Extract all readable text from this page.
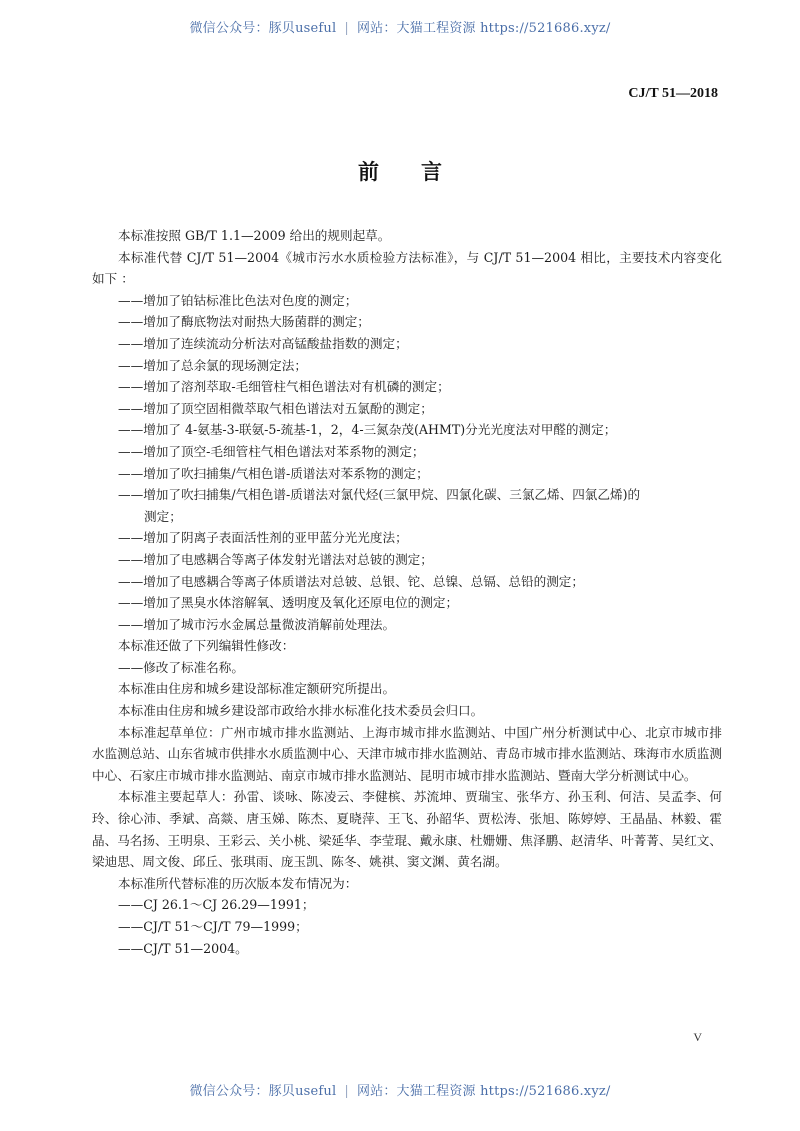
微信公众号：豚贝useful | 网站：大猫工程资源 https://521686.xyz/
CJ/T 51—2018
前言

本标准按照 GB/T 1.1—2009 给出的规则起草。

本标准代替 CJ/T 51—2004《城市污水水质检验方法标准》，与 CJ/T 51—2004 相比，主要技术内容变化如下 ：

——增加了铂钴标准比色法对色度的测定；

——增加了酶底物法对耐热大肠菌群的测定；

——增加了连续流动分析法对高锰酸盐指数的测定；

——增加了总余氯的现场测定法；

——增加了溶剂萃取-毛细管柱气相色谱法对有机磷的测定；

——增加了顶空固相微萃取气相色谱法对五氯酚的测定；

——增加了 4-氨基-3-联氨-5-巯基-1，2，4-三氮杂茂(AHMT)分光光度法对甲醛的测定；

——增加了顶空-毛细管柱气相色谱法对苯系物的测定；

——增加了吹扫捕集/气相色谱-质谱法对苯系物的测定；

——增加了吹扫捕集/气相色谱-质谱法对氯代烃(三氯甲烷、四氯化碳、三氯乙烯、四氯乙烯)的
测定；

——增加了阴离子表面活性剂的亚甲蓝分光光度法；

——增加了电感耦合等离子体发射光谱法对总铍的测定；

——增加了电感耦合等离子体质谱法对总铍、总银、铊、总镍、总镉、总铅的测定；

——增加了黑臭水体溶解氧、透明度及氧化还原电位的测定；

——增加了城市污水金属总量微波消解前处理法。

本标准还做了下列编辑性修改：

——修改了标准名称。

本标准由住房和城乡建设部标准定额研究所提出。

本标准由住房和城乡建设部市政给水排水标准化技术委员会归口。

本标准起草单位：广州市城市排水监测站、上海市城市排水监测站、中国广州分析测试中心、北京市城市排水监测总站、山东省城市供排水水质监测中心、天津市城市排水监测站、青岛市城市排水监测站、珠海市水质监测中心、石家庄市城市排水监测站、南京市城市排水监测站、昆明市城市排水监测站、暨南大学分析测试中心。

本标准主要起草人：孙雷、谈咏、陈凌云、李健槟、苏流坤、贾瑞宝、张华方、孙玉利、何洁、吴孟李、何玲、徐心沛、季斌、高燚、唐玉娣、陈杰、夏晓萍、王飞、孙韶华、贾松涛、张旭、陈婷婷、王晶晶、林毅、霍晶、马名扬、王明泉、王彩云、关小桃、梁延华、李莹琨、戴永康、杜姗姗、焦泽鹏、赵清华、叶菁菁、吴红文、梁迪思、周文俊、邱丘、张琪雨、庞玉凯、陈冬、姚祺、窦文渊、黄名湖。

本标准所代替标准的历次版本发布情况为：

——CJ 26.1～CJ 26.29—1991；

——CJ/T 51～CJ/T 79—1999；

——CJ/T 51—2004。

V
微信公众号：豚贝useful | 网站：大猫工程资源 https://521686.xyz/
